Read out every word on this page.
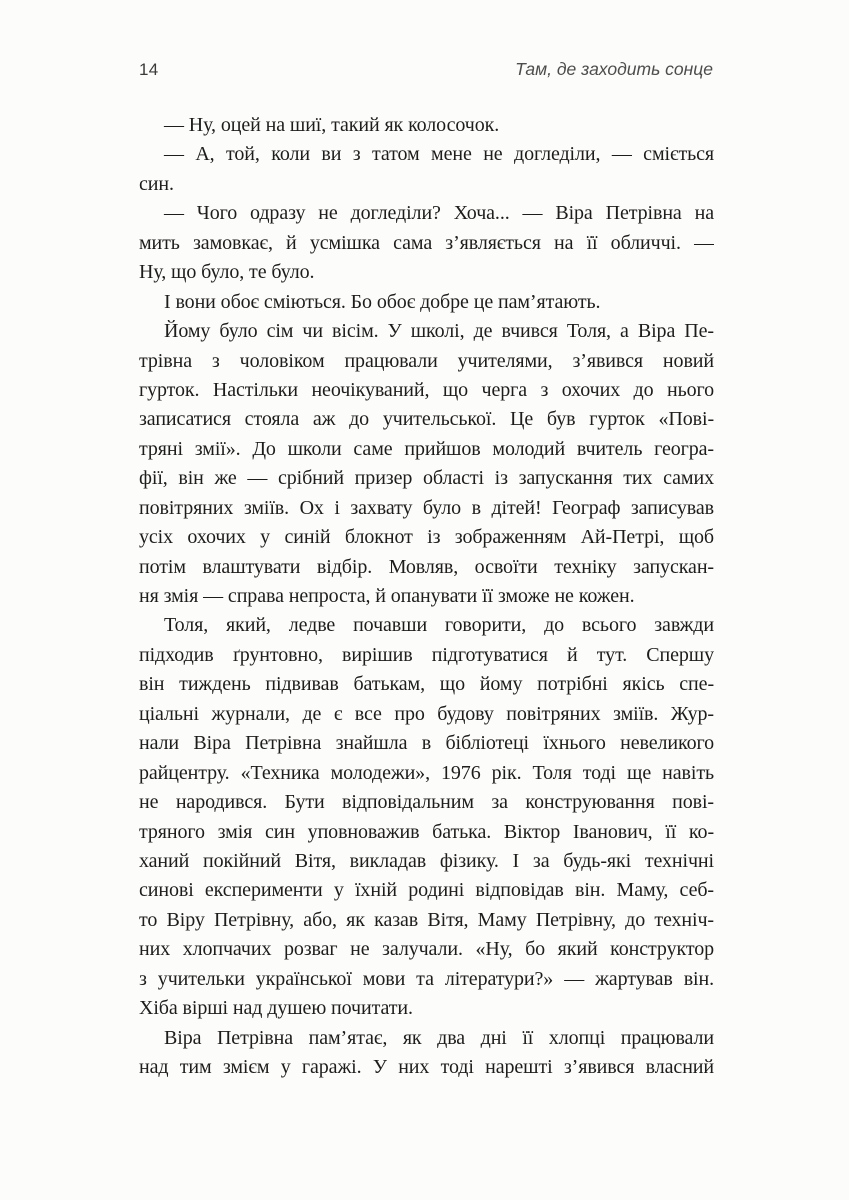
14	Там, де заходить сонце
— Ну, оцей на шиї, такий як колосочок.
— А, той, коли ви з татом мене не догледіли, — сміється
син.
— Чого одразу не догледіли? Хоча... — Віра Петрівна на
мить замовкає, й усмішка сама з’являється на її обличчі. —
Ну, що було, те було.
І вони обоє сміються. Бо обоє добре це пам’ятають.
Йому було сім чи вісім. У школі, де вчився Толя, а Віра Пе-
трівна з чоловіком працювали учителями, з’явився новий
гурток. Настільки неочікуваний, що черга з охочих до нього
записатися стояла аж до учительської. Це був гурток «Пові-
тряні змії». До школи саме прийшов молодий вчитель геогра-
фії, він же — срібний призер області із запускання тих самих
повітряних зміїв. Ох і захвату було в дітей! Географ записував
усіх охочих у синій блокнот із зображенням Ай-Петрі, щоб
потім влаштувати відбір. Мовляв, освоїти техніку запускан-
ня змія — справа непроста, й опанувати її зможе не кожен.
Толя, який, ледве почавши говорити, до всього завжди
підходив ґрунтовно, вирішив підготуватися й тут. Спершу
він тиждень підвивав батькам, що йому потрібні якісь спе-
ціальні журнали, де є все про будову повітряних зміїв. Жур-
нали Віра Петрівна знайшла в бібліотеці їхнього невеликого
райцентру. «Техника молодежи», 1976 рік. Толя тоді ще навіть
не народився. Бути відповідальним за конструювання пові-
тряного змія син уповноважив батька. Віктор Іванович, її ко-
ханий покійний Вітя, викладав фізику. І за будь-які технічні
синові експерименти у їхній родині відповідав він. Маму, себ-
то Віру Петрівну, або, як казав Вітя, Маму Петрівну, до техніч-
них хлопчачих розваг не залучали. «Ну, бо який конструктор
з учительки української мови та літератури?» — жартував він.
Хіба вірші над душею почитати.
Віра Петрівна пам’ятає, як два дні її хлопці працювали
над тим змієм у гаражі. У них тоді нарешті з’явився власний
